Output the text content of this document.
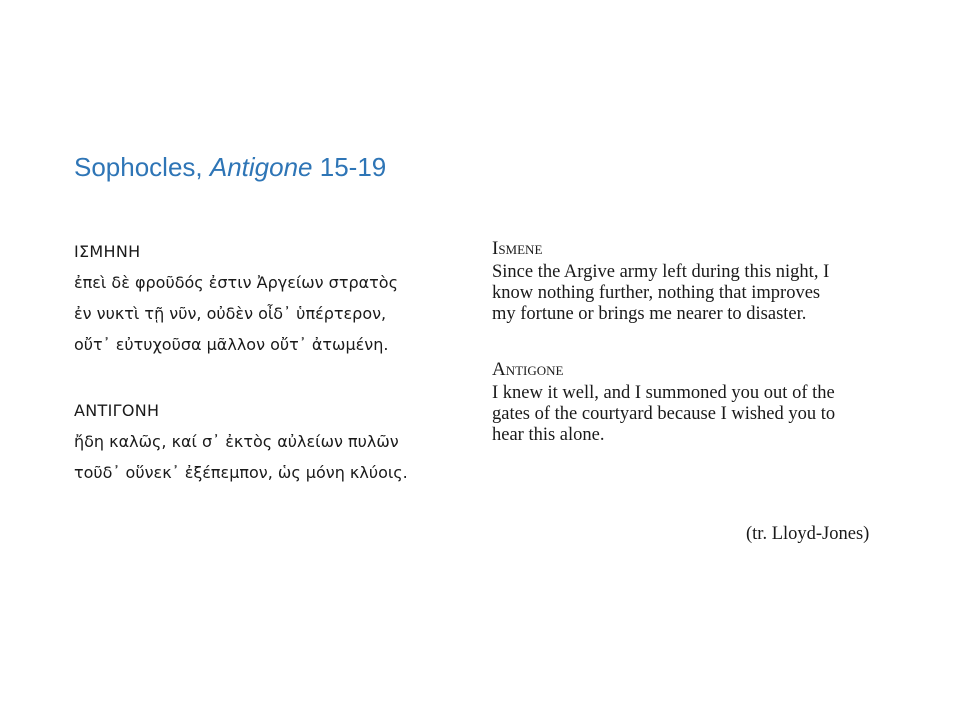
Sophocles, Antigone 15-19
ΙΣΜΗΝΗ
ἐπεὶ δὲ φροῦδός ἐστιν Ἀργείων στρατὸς
ἐν νυκτὶ τῇ νῦν, οὐδὲν οἶδ᾽ ὑπέρτερον,
οὔτ᾽ εὐτυχοῦσα μᾶλλον οὔτ᾽ ἀτωμένη.
ΑΝΤΙΓΟΝΗ
ἤδη καλῶς, καί σ᾽ ἐκτὸς αὐλείων πυλῶν
τοῦδ᾽ οὕνεκ᾽ ἐξέπεμπον, ὡς μόνη κλύοις.
Ismene
Since the Argive army left during this night, I
know nothing further, nothing that improves
my fortune or brings me nearer to disaster.
Antigone
I knew it well, and I summoned you out of the
gates of the courtyard because I wished you to
hear this alone.
(tr. Lloyd-Jones)
